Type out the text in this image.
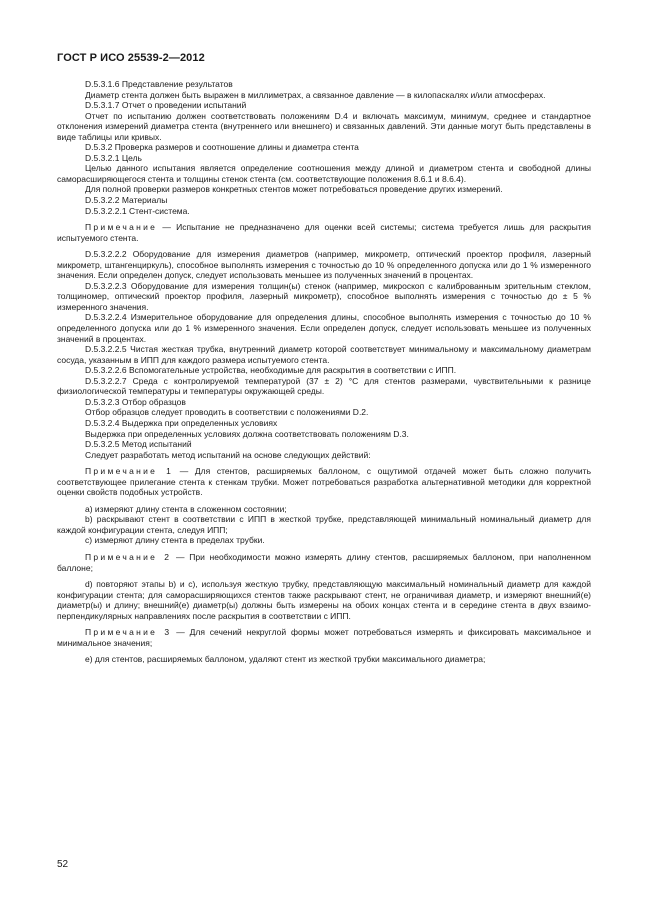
ГОСТ Р ИСО 25539-2—2012

D.5.3.1.6 Представление результатов

Диаметр стента должен быть выражен в миллиметрах, а связанное давление — в килопаскалях и/или атмосферах.

D.5.3.1.7 Отчет о проведении испытаний

Отчет по испытанию должен соответствовать положениям D.4 и включать максимум, минимум, среднее и стандартное отклонения измерений диаметра стента (внутреннего или внешнего) и связанных давлений. Эти данные могут быть представлены в виде таблицы или кривых.

D.5.3.2 Проверка размеров и соотношение длины и диаметра стента

D.5.3.2.1 Цель

Целью данного испытания является определение соотношения между длиной и диаметром стента и свободной длины саморасширяющегося стента и толщины стенок стента (см. соответствующие положения 8.6.1 и 8.6.4).

Для полной проверки размеров конкретных стентов может потребоваться проведение других измерений.

D.5.3.2.2 Материалы

D.5.3.2.2.1 Стент-система.

Примечание — Испытание не предназначено для оценки всей системы; система требуется лишь для раскрытия испытуемого стента.

D.5.3.2.2.2 Оборудование для измерения диаметров (например, микрометр, оптический проектор профиля, лазерный микрометр, штангенциркуль), способное выполнять измерения с точностью до 10 % определенного допуска или до 1 % измеренного значения. Если определен допуск, следует использовать меньшее из полученных значений в процентах.

D.5.3.2.2.3 Оборудование для измерения толщин(ы) стенок (например, микроскоп с калиброванным зрительным стеклом, толщиномер, оптический проектор профиля, лазерный микрометр), способное выполнять измерения с точностью до ± 5 % измеренного значения.

D.5.3.2.2.4 Измерительное оборудование для определения длины, способное выполнять измерения с точностью до 10 % определенного допуска или до 1 % измеренного значения. Если определен допуск, следует использовать меньшее из полученных значений в процентах.

D.5.3.2.2.5 Чистая жесткая трубка, внутренний диаметр которой соответствует минимальному и максимальному диаметрам сосуда, указанным в ИПП для каждого размера испытуемого стента.

D.5.3.2.2.6 Вспомогательные устройства, необходимые для раскрытия в соответствии с ИПП.

D.5.3.2.2.7 Среда с контролируемой температурой (37 ± 2) °С для стентов размерами, чувствительными к разнице физиологической температуры и температуры окружающей среды.

D.5.3.2.3 Отбор образцов

Отбор образцов следует проводить в соответствии с положениями D.2.

D.5.3.2.4 Выдержка при определенных условиях

Выдержка при определенных условиях должна соответствовать положениям D.3.

D.5.3.2.5 Метод испытаний

Следует разработать метод испытаний на основе следующих действий:

Примечание 1 — Для стентов, расширяемых баллоном, с ощутимой отдачей может быть сложно получить соответствующее прилегание стента к стенкам трубки. Может потребоваться разработка альтернативной методики для корректной оценки свойств подобных устройств.

a) измеряют длину стента в сложенном состоянии;

b) раскрывают стент в соответствии с ИПП в жесткой трубке, представляющей минимальный номинальный диаметр для каждой конфигурации стента, следуя ИПП;

c) измеряют длину стента в пределах трубки.

Примечание 2 — При необходимости можно измерять длину стентов, расширяемых баллоном, при наполненном баллоне;

d) повторяют этапы b) и c), используя жесткую трубку, представляющую максимальный номинальный диаметр для каждой конфигурации стента; для саморасширяющихся стентов также раскрывают стент, не ограничивая диаметр, и измеряют внешний(е) диаметр(ы) и длину; внешний(е) диаметр(ы) должны быть измерены на обоих концах стента и в середине стента в двух взаимо-перпендикулярных направлениях после раскрытия в соответствии с ИПП.

Примечание 3 — Для сечений некруглой формы может потребоваться измерять и фиксировать максимальное и минимальное значения;

e) для стентов, расширяемых баллоном, удаляют стент из жесткой трубки максимального диаметра;

52
